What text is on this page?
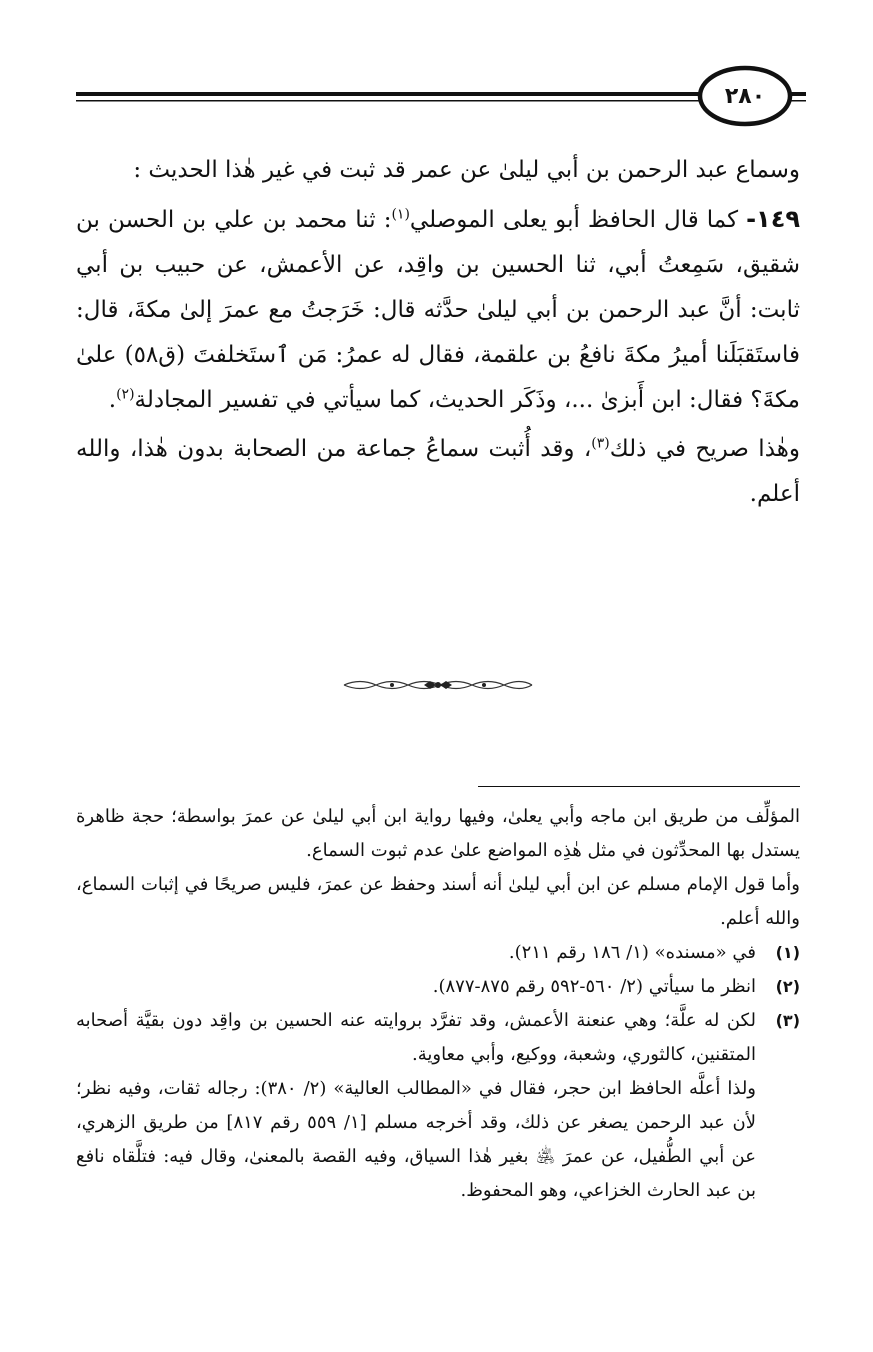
٢٨٠

وسماع عبد الرحمن بن أبي ليلىٰ عن عمر قد ثبت في غير هٰذا الحديث :

١٤٩- كما قال الحافظ أبو يعلى الموصلي$^{(١)}$: ثنا محمد بن علي بن الحسن بن شقيق، سَمِعتُ أبي، ثنا الحسين بن واقِد، عن الأعمش، عن حبيب بن أبي ثابت: أنَّ عبد الرحمن بن أبي ليلىٰ حدَّثه قال: خَرَجتُ مع عمرَ إلىٰ مكةَ، قال: فاستَقبَلَنا أميرُ مكةَ نافعُ بن علقمة، فقال له عمرُ: مَن ٱستَخلفتَ (ق٥٨) علىٰ مكةَ؟ فقال: ابن أَبزىٰ ...، وذَكَر الحديث، كما سيأتي في تفسير المجادلة$^{(٢)}$.

وهٰذا صريح في ذلك$^{(٣)}$، وقد أُثبت سماعُ جماعة من الصحابة بدون هٰذا، والله أعلم.

المؤلِّف من طريق ابن ماجه وأبي يعلىٰ، وفيها رواية ابن أبي ليلىٰ عن عمرَ بواسطة؛ حجة ظاهرة يستدل بها المحدِّثون في مثل هٰذِه المواضع علىٰ عدم ثبوت السماع.

وأما قول الإمام مسلم عن ابن أبي ليلىٰ أنه أسند وحفظ عن عمرَ، فليس صريحًا في إثبات السماع، والله أعلم.

(١)

في «مسنده» (١/ ١٨٦ رقم ٢١١).

(٢)

انظر ما سيأتي (٢/ ٥٦٠-٥٩٢ رقم ٨٧٥-٨٧٧).

(٣)

لكن له علَّة؛ وهي عنعنة الأعمش، وقد تفرَّد بروايته عنه الحسين بن واقِد دون بقيَّة أصحابه المتقنين، كالثوري، وشعبة، ووكيع، وأبي معاوية.

ولذا أعلَّه الحافظ ابن حجر، فقال في «المطالب العالية» (٢/ ٣٨٠): رجاله ثقات، وفيه نظر؛ لأن عبد الرحمن يصغر عن ذلك، وقد أخرجه مسلم [١/ ٥٥٩ رقم ٨١٧] من طريق الزهري، عن أبي الطُّفيل، عن عمرَ ﵁ بغير هٰذا السياق، وفيه القصة بالمعنىٰ، وقال فيه: فتلَّقاه نافع بن عبد الحارث الخزاعي، وهو المحفوظ.
